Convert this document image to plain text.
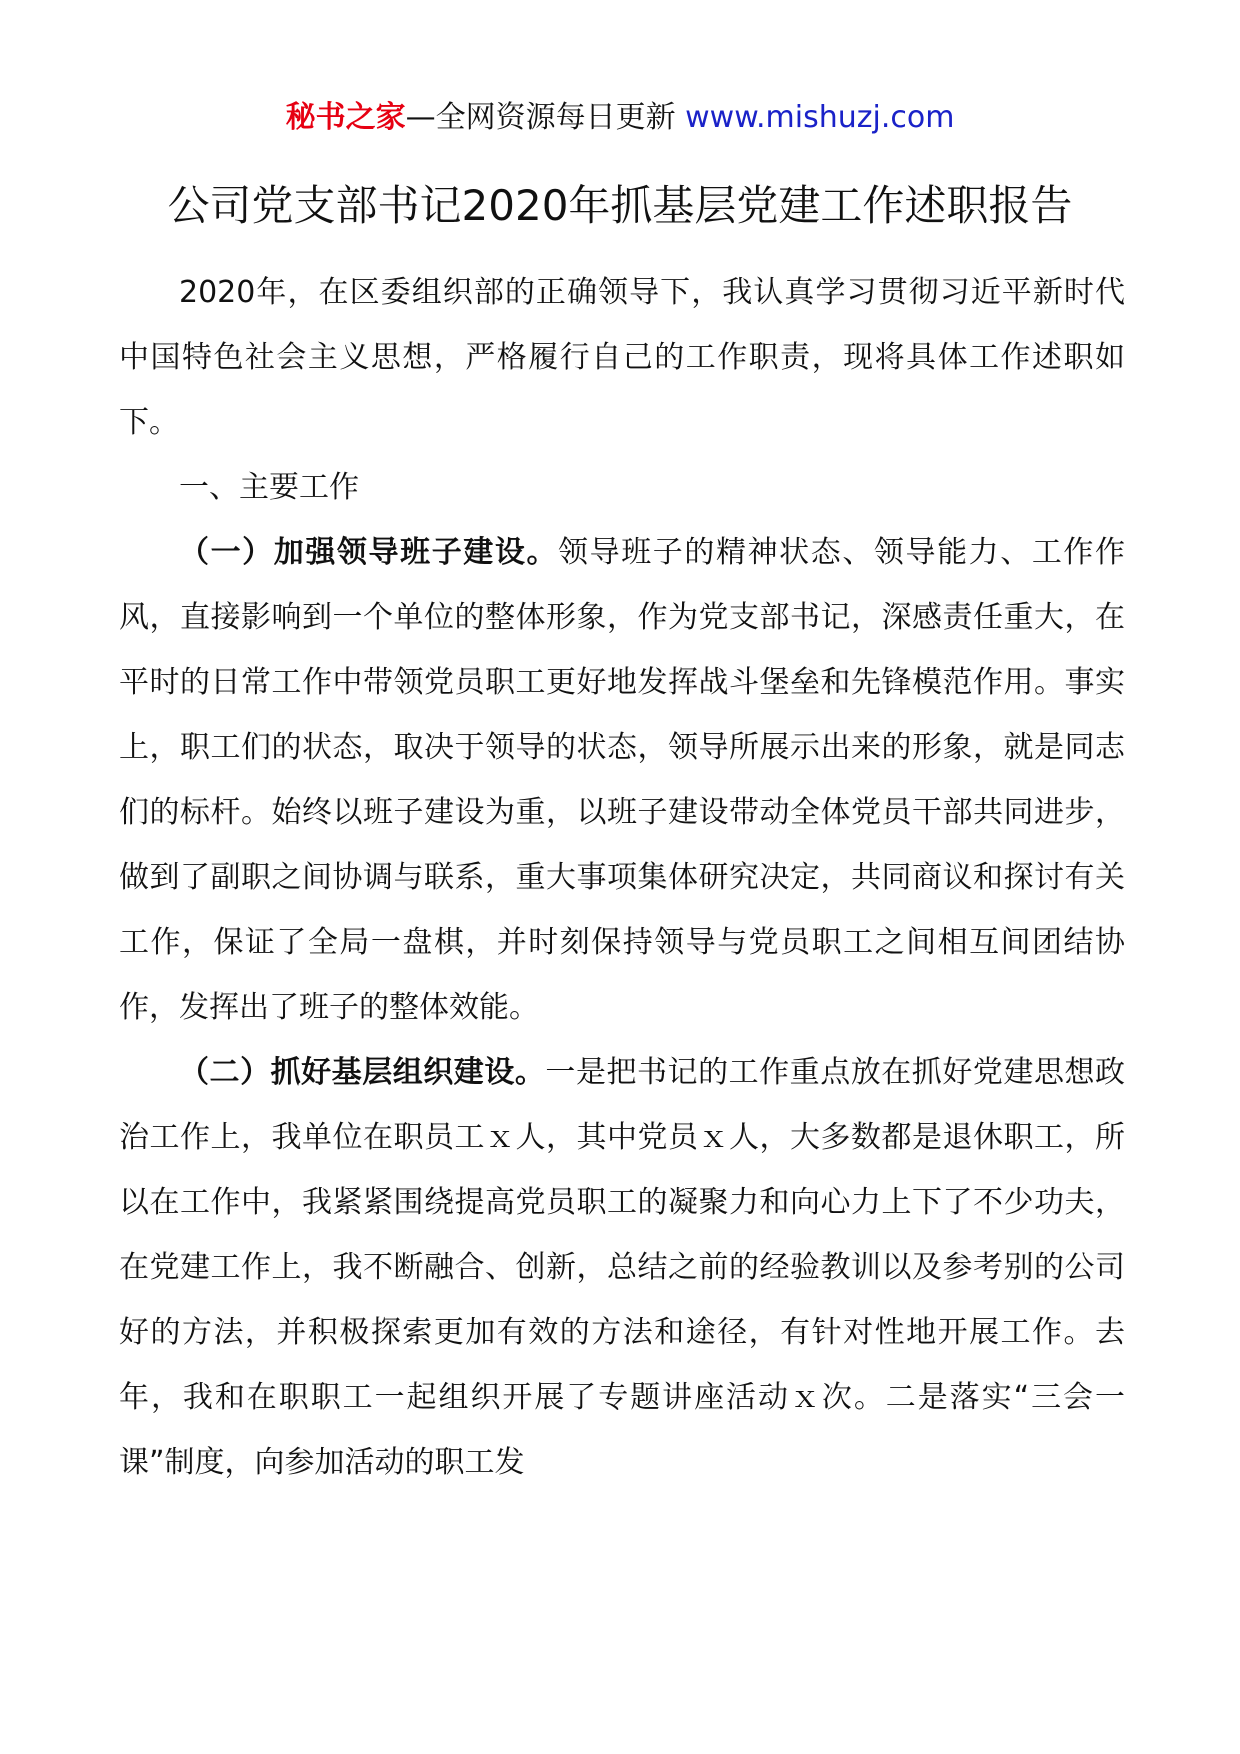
秘书之家—全网资源每日更新 www.mishuzj.com
公司党支部书记2020年抓基层党建工作述职报告

2020年，在区委组织部的正确领导下，我认真学习贯彻习近平新时代中国特色社会主义思想，严格履行自己的工作职责，现将具体工作述职如下。

一、主要工作

（一）加强领导班子建设。领导班子的精神状态、领导能力、工作作风，直接影响到一个单位的整体形象，作为党支部书记，深感责任重大，在平时的日常工作中带领党员职工更好地发挥战斗堡垒和先锋模范作用。事实上，职工们的状态，取决于领导的状态，领导所展示出来的形象，就是同志们的标杆。始终以班子建设为重，以班子建设带动全体党员干部共同进步，做到了副职之间协调与联系，重大事项集体研究决定，共同商议和探讨有关工作，保证了全局一盘棋，并时刻保持领导与党员职工之间相互间团结协作，发挥出了班子的整体效能。

（二）抓好基层组织建设。一是把书记的工作重点放在抓好党建思想政治工作上，我单位在职员工ｘ人，其中党员ｘ人，大多数都是退休职工，所以在工作中，我紧紧围绕提高党员职工的凝聚力和向心力上下了不少功夫，在党建工作上，我不断融合、创新，总结之前的经验教训以及参考别的公司好的方法，并积极探索更加有效的方法和途径，有针对性地开展工作。去年，我和在职职工一起组织开展了专题讲座活动ｘ次。二是落实“三会一课”制度，向参加活动的职工发
